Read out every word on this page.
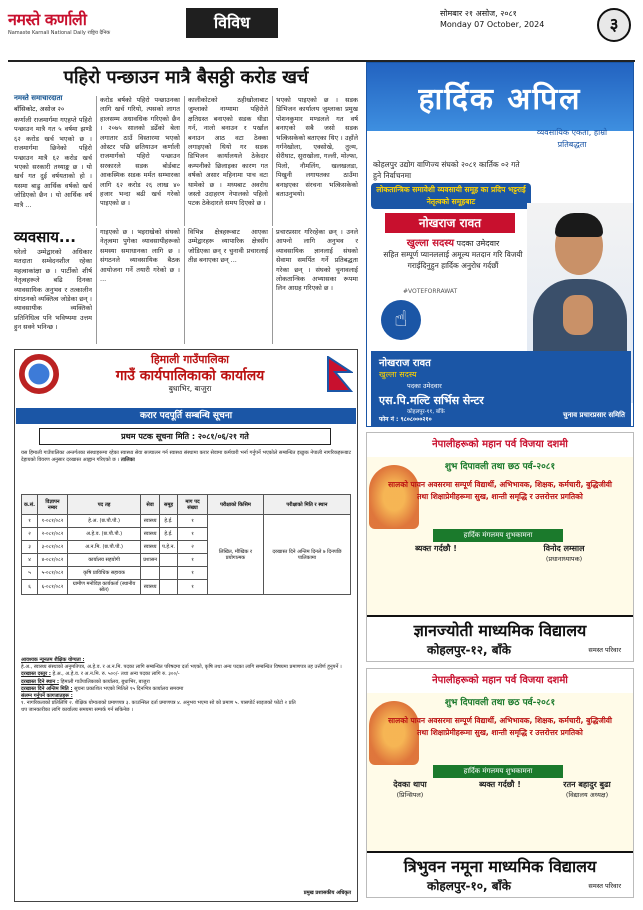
नमस्ते कर्णाली
Namaste Karnali National Daily राष्ट्रिय दैनिक
विविध	सोमबार २१ असोज, २०८१
Monday 07 October, 2024	३
पहिरो पन्छाउन मात्रै बैसठ्ठी करोड खर्च
नमस्ते समाचारदाता
बाँसिकोट, असोज २०
कर्णाली राजमार्गमा गएहप्ते पहिरो पन्छाउन मात्रै गत ५ वर्षमा झण्डै ६२ करोड खर्च भएको छ । राजमार्गमा छिनेको पहिरो पन्छाउन मात्रै ६२ करोड खर्च भएको सरकारी तथ्याङ्क छ । यो खर्च गत दुई वर्षयताको हो । यसमा बाढु आर्थिक वर्षको खर्च जोडिएको छैन । यो आर्थिक वर्ष मात्रै ...
करोड बर्षको पहिरो पन्छाउनका लागि खर्च गरियो, त्यसको लागत हालसम्म अधावधिक गरिएको छैन । २०७५ सालको डढेँको बेला लगातार ठाउँ विस्तारमा भएको ओस्टर पछि छतियाउन कर्णाली राजमार्गको पहिरो पन्छाउन सरकारले सडक बोर्डबाट आकस्मिक सडक मर्मत सम्भारका लागि ६२ करोड २६ लाख ४० हजार भन्दा बढी खर्च गरेको पाइएको छ ।
कालीकोटको ठहीखोलाबाट जुम्लाको नाग्मामा पहिरोले क्षतिग्रस्त बनाएको सडक थीडा गर्न, नालो बनाउन र पर्खाल बनाउन आठ वटा ठेक्का लगाइएको थियो गर सडक डिभिजन कार्यालयले ठेकेदार कम्पनीको छिलाइका कारण गत वर्षको असार महिनामा पाच वटा थामेको छ । मध्यबाट अवरोध जस्तो उदाहरण नेपालको पहिलो पटक ठेकेदारले समय दिएको छ ।
भएको पाइएको छ । सडक डिभिजन कार्यालय जुम्लाका प्रमुख पोशनकुमार मण्डलले गत वर्ष बनाएको सबै जसो सडक भत्किसकेको बताएका थिए । उहाँले गर्गनेखोला, एक्सोखे, तुल्म, सेरीघाट, सुराखोला, गल्ली, मोल्फा, पिलो, नौमलिंग, खलखलडा, पिखुनी लगायतका ठाउँमा बनाइएका संरचना भत्किसकेको बताउनुभयो।
व्यवसाय...
घरेलो उम्मेद्वारको अधिकार मतदाता सम्वेदनशील रहेका महत्वाकांक्षा छ । पार्टीको शीर्ष नेतृत्वहरूले बढि दिनका व्यावसायिक अनुभव र तत्कालीन संगठनको व्यक्तित्व जोडेका छन् । व्यावसायीक व्यक्तिको प्रतिनिधित्व पनि भविष्यमा उत्तम हुन सक्ने भनिन्छ ।
गाइएको छ । भइराखेको संघको नेतृत्वमा पुगेका व्यावसायीहरूको समस्या समाधानका लागि छ । संगठनले व्यावसायिक बैठक आयोजना गर्ने तयारी गरेको छ । ...
विभिन्न क्षेत्रहरूबाट आएका उम्मेद्वारहरू व्यापारिक क्षेत्रसँग जोडिएका छन् र चुनावी प्रचारलाई तीव्र बनाएका छन् ...
प्रचारप्रसार गरिरहेका छन् । उनले आफ्नो लागि अनुभव र व्यावसायिक ज्ञानलाई संघको सेवामा समर्पित गर्ने प्रतिबद्धता गरेका छन् । संघको चुनावलाई लोकतान्त्रिक अभ्यासका रूपमा लिन आग्रह गरिएको छ ।
हिमाली गाउँपालिका
गाउँ कार्यपालिकाको कार्यालय
बुधाभिर, बाजुरा
करार पदपूर्ति सम्बन्धि सूचना
प्रथम पटक सूचना मिति : २०८१/०६/२१ गते
यस हिमाली गाउँपालिका अन्तर्गतका संस्थाहरूमा रहेका स्वास्थ्य सेवा सञ्चालन गर्न स्वास्थ्य संस्थामा करार सेवामा कर्मचारी भर्ना गर्नुपर्ने भएकोले सम्बन्धित इच्छुक नेपाली नागरिकहरूबाट देहायको विवरण अनुसार दरखास्त आह्वान गरिएको छ । तालिका
क.सं.	विज्ञापन नम्बर	पद तह	सेवा	समूह	माग पद संख्या	परीक्षाको किसिम	परीक्षाको मिति र स्थान
१	१-०८१/०८२	हे.अ. (छ.पौ.पौ.)	स्वास्थ्य	हे.ई.	१	लिखित, मौखिक र प्रयोगात्मक	दरखास्त दिने अन्तिम दिनले ७ दिनपछि पालिकामा
२	२-०८१/०८२	अ.हे.व. (छ.पौ.पौ.)	स्वास्थ्य	हे.ई.	१		
३	३-०८१/०८२	अ.न.मि. (छ.पौ.पौ.)	स्वास्थ्य	प.हे.न.	२		
४	४-०८१/०८२	कार्यालय सहयोगी	प्रशासन		१		
५	५-०८१/०८२	कृषि प्राविधिक सहायक			१		
६	६-०८१/०८२	ग्रामीण मनोविज्ञ कार्यकर्ता (स्थानीय स्रोत)	स्वास्थ्य		१		
आवश्यक न्यूनतम शैक्षिक योग्यता :
हे.अ., स्वास्थ्य संस्थाको अनुमतिपत्र, अ.हे.व. र अ.न.मि. पदका लागि सम्बन्धित परिषदमा दर्ता भएको, कृषि तथा अन्य पदका लागि सम्बन्धित विषयमा प्रमाणपत्र तह उत्तीर्ण हुनुपर्ने ।
दरखास्त दस्तुर : हे.अ., अ.हे.व. र अ.न.मि. रु. ५००/- तथा अन्य पदका लागि रु. ३००/-
दरखास्त दिने स्थान : हिमाली गाउँपालिकाको कार्यालय, बुधाभिर, बाजुरा
दरखास्त दिने अन्तिम मिति : सूचना प्रकाशित भएको मितिले १५ दिनभित्र कार्यालय समयमा
संलग्न गर्नुपर्ने कागजातहरू :
१. नागरिकताको प्रतिलिपि २. शैक्षिक योग्यताको प्रमाणपत्र ३. काउन्सिल दर्ता प्रमाणपत्र ४. अनुभव भएमा सो को प्रमाण ५. पासपोर्ट साइजको फोटो २ प्रति
थप जानकारीका लागि कार्यालय समयमा सम्पर्क गर्न सकिनेछ ।
प्रमुख प्रशासकीय अधिकृत
हार्दिक अपिल
व्यवसायिक एकता, हाम्रो प्रतिबद्धता
कोहलपुर उद्योग वाणिज्य संघको २०८१ कार्तिक ०२ गते हुने निर्वाचनमा
लोकतान्त्रिक समावेशी व्यवसायी समूह का प्रदिप भट्टराई नेतृत्वको समूहबाट
नोखराज रावत
खुल्ला सदस्य पदका उमेदवार
सहित सम्पूर्ण प्यानललाई अमूल्य मतदान गरि विजयी गराईदिनुहुन हार्दिक अनुरोध गर्दछौं
#VOTEFORRAWAT
☝
नोखराज रावत
खुल्ला सदस्य
पदका उमेदवार
एस.पि.मल्टि सर्भिस सेन्टर
कोहलपुर-११, बाँके
फोन नं : ९८०८०००२१०
चुनाव प्रचारप्रसार समिति
नेपालीहरूको महान पर्व विजया दशमी
शुभ दिपावली तथा छठ पर्व-२०८१
सालको पावन अवसरमा सम्पूर्ण विद्यार्थी, अभिभावक, शिक्षक, कर्मचारी, बुद्धिजीवी तथा शिक्षाप्रेमीहरूमा सुख, शान्ती समृद्धि र उत्तरोत्तर प्रगतिको
हार्दिक मंगलमय शुभकामना
ब्यक्त गर्दछौ !	विनोद लम्साल
(प्रधानाध्यापक)
ज्ञानज्योती माध्यमिक विद्यालय
कोहलपुर-१२, बाँके	समस्त परिवार
नेपालीहरूको महान पर्व विजया दशमी
शुभ दिपावली तथा छठ पर्व-२०८१
सालको पावन अवसरमा सम्पूर्ण विद्यार्थी, अभिभावक, शिक्षक, कर्मचारी, बुद्धिजीवी तथा शिक्षाप्रेमीहरूमा सुख, शान्ती समृद्धि र उत्तरोत्तर प्रगतिको
हार्दिक मंगलमय शुभकामना
देवका थापा
(प्रिन्सिपल)
ब्यक्त गर्दछौ !	रतन बहादुर बुढा
(विद्यालय अध्यक्ष)
त्रिभुवन नमूना माध्यमिक विद्यालय
कोहलपुर-१०, बाँके	समस्त परिवार
